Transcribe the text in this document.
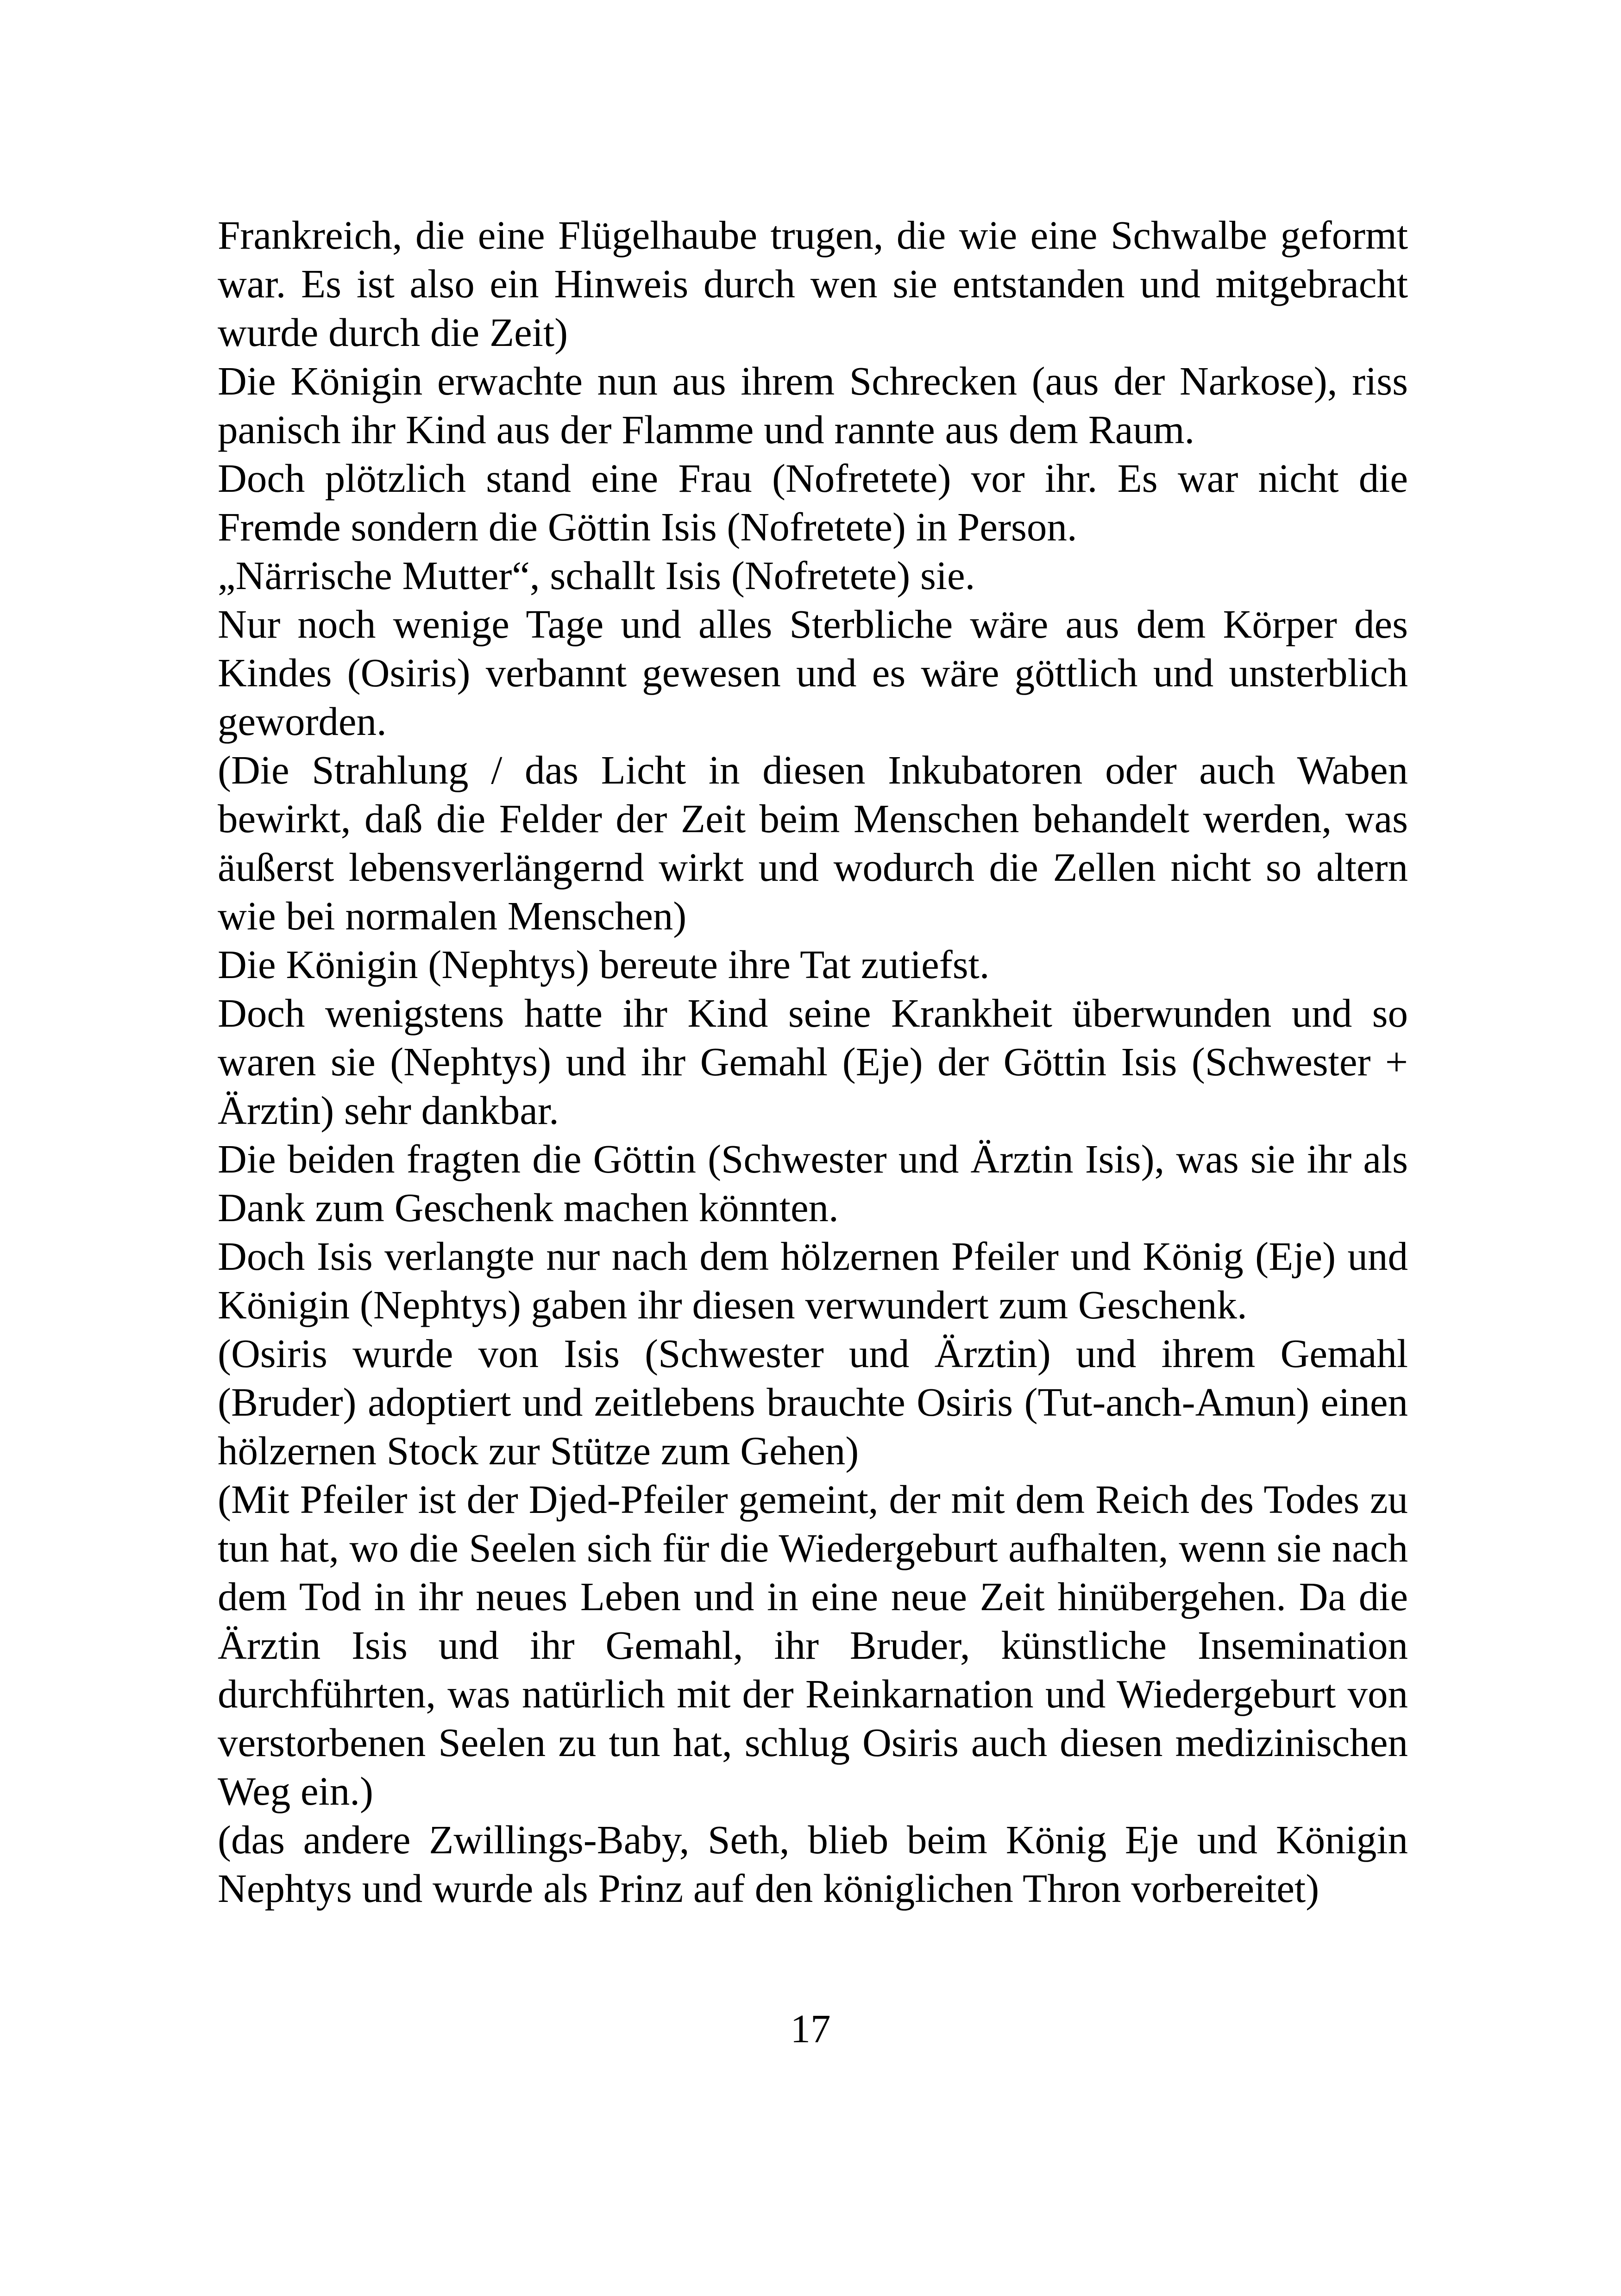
Frankreich, die eine Flügelhaube trugen, die wie eine Schwalbe geformt war. Es ist also ein Hinweis durch wen sie entstanden und mitgebracht wurde durch die Zeit)

Die Königin erwachte nun aus ihrem Schrecken (aus der Narkose), riss panisch ihr Kind aus der Flamme und rannte aus dem Raum.

Doch plötzlich stand eine Frau (Nofretete) vor ihr. Es war nicht die Fremde sondern die Göttin Isis (Nofretete) in Person.

„Närrische Mutter“, schallt Isis (Nofretete) sie.

Nur noch wenige Tage und alles Sterbliche wäre aus dem Körper des Kindes (Osiris) verbannt gewesen und es wäre göttlich und unsterblich geworden.

(Die Strahlung / das Licht in diesen Inkubatoren oder auch Waben bewirkt, daß die Felder der Zeit beim Menschen behandelt werden, was äußerst lebensverlängernd wirkt und wodurch die Zellen nicht so altern wie bei normalen Menschen)

Die Königin (Nephtys) bereute ihre Tat zutiefst.

Doch wenigstens hatte ihr Kind seine Krankheit überwunden und so waren sie (Nephtys) und ihr Gemahl (Eje) der Göttin Isis (Schwester + Ärztin) sehr dankbar.

Die beiden fragten die Göttin (Schwester und Ärztin Isis), was sie ihr als Dank zum Geschenk machen könnten.

Doch Isis verlangte nur nach dem hölzernen Pfeiler und König (Eje) und Königin (Nephtys) gaben ihr diesen verwundert zum Geschenk.

(Osiris wurde von Isis (Schwester und Ärztin) und ihrem Gemahl (Bruder) adoptiert und zeitlebens brauchte Osiris (Tut-anch-Amun) einen hölzernen Stock zur Stütze zum Gehen)

(Mit Pfeiler ist der Djed-Pfeiler gemeint, der mit dem Reich des Todes zu tun hat, wo die Seelen sich für die Wiedergeburt aufhalten, wenn sie nach dem Tod in ihr neues Leben und in eine neue Zeit hinübergehen. Da die Ärztin Isis und ihr Gemahl, ihr Bruder, künstliche Insemination durchführten, was natürlich mit der Reinkarnation und Wiedergeburt von verstorbenen Seelen zu tun hat, schlug Osiris auch diesen medizinischen Weg ein.)

(das andere Zwillings-Baby, Seth, blieb beim König Eje und Königin Nephtys und wurde als Prinz auf den königlichen Thron vorbereitet)

17
